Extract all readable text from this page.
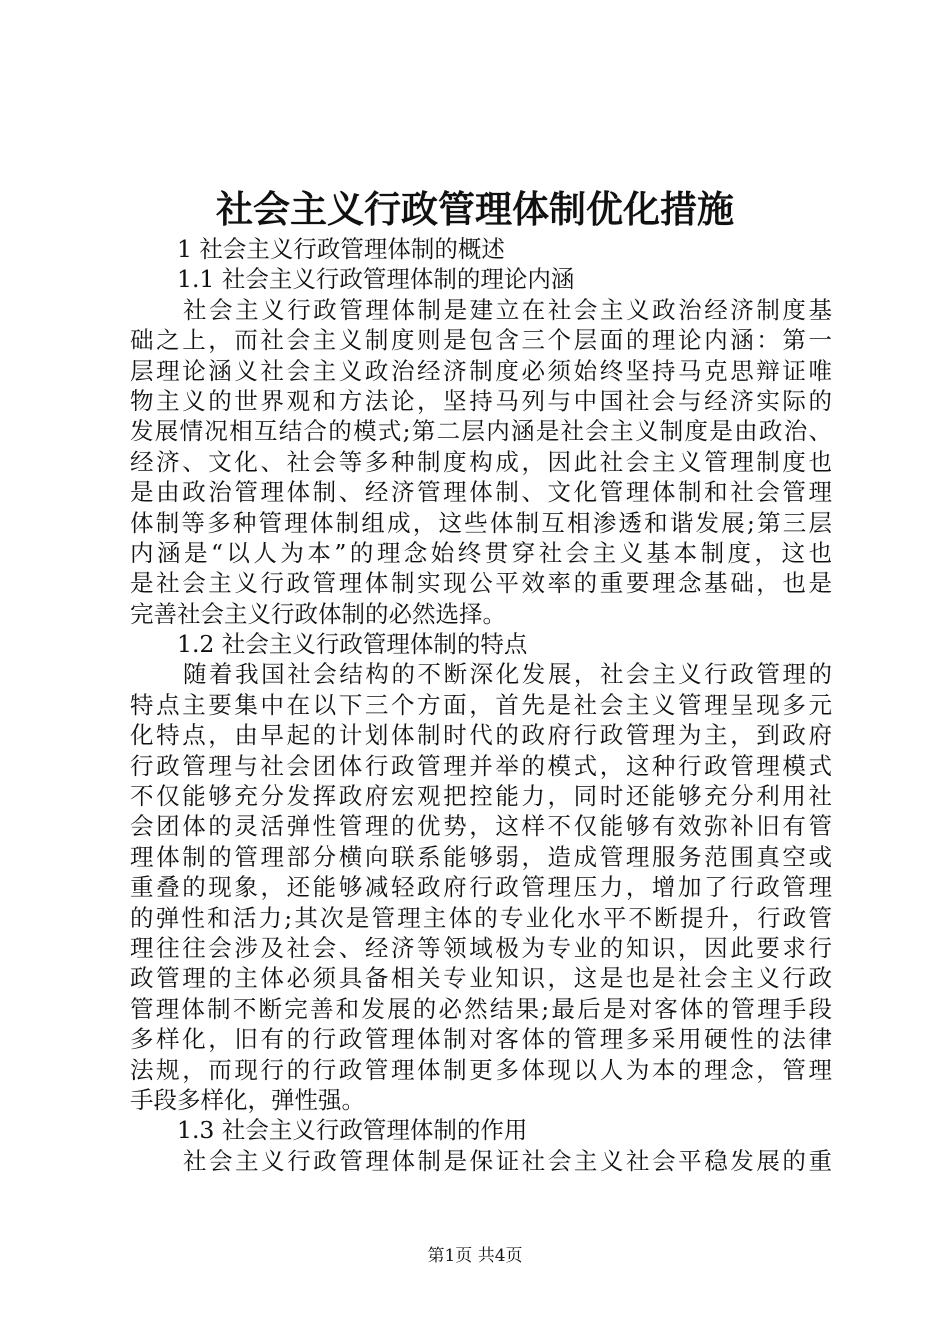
社会主义行政管理体制优化措施
1 社会主义行政管理体制的概述
1.1 社会主义行政管理体制的理论内涵
社会主义行政管理体制是建立在社会主义政治经济制度基
础之上，而社会主义制度则是包含三个层面的理论内涵：第一
层理论涵义社会主义政治经济制度必须始终坚持马克思辩证唯
物主义的世界观和方法论，坚持马列与中国社会与经济实际的
发展情况相互结合的模式;第二层内涵是社会主义制度是由政治、
经济、文化、社会等多种制度构成，因此社会主义管理制度也
是由政治管理体制、经济管理体制、文化管理体制和社会管理
体制等多种管理体制组成，这些体制互相渗透和谐发展;第三层
内涵是“以人为本”的理念始终贯穿社会主义基本制度，这也
是社会主义行政管理体制实现公平效率的重要理念基础，也是
完善社会主义行政体制的必然选择。
1.2 社会主义行政管理体制的特点
随着我国社会结构的不断深化发展，社会主义行政管理的
特点主要集中在以下三个方面，首先是社会主义管理呈现多元
化特点，由早起的计划体制时代的政府行政管理为主，到政府
行政管理与社会团体行政管理并举的模式，这种行政管理模式
不仅能够充分发挥政府宏观把控能力，同时还能够充分利用社
会团体的灵活弹性管理的优势，这样不仅能够有效弥补旧有管
理体制的管理部分横向联系能够弱，造成管理服务范围真空或
重叠的现象，还能够减轻政府行政管理压力，增加了行政管理
的弹性和活力;其次是管理主体的专业化水平不断提升，行政管
理往往会涉及社会、经济等领域极为专业的知识，因此要求行
政管理的主体必须具备相关专业知识，这是也是社会主义行政
管理体制不断完善和发展的必然结果;最后是对客体的管理手段
多样化，旧有的行政管理体制对客体的管理多采用硬性的法律
法规，而现行的行政管理体制更多体现以人为本的理念，管理
手段多样化，弹性强。
1.3 社会主义行政管理体制的作用
社会主义行政管理体制是保证社会主义社会平稳发展的重
第1页 共4页
